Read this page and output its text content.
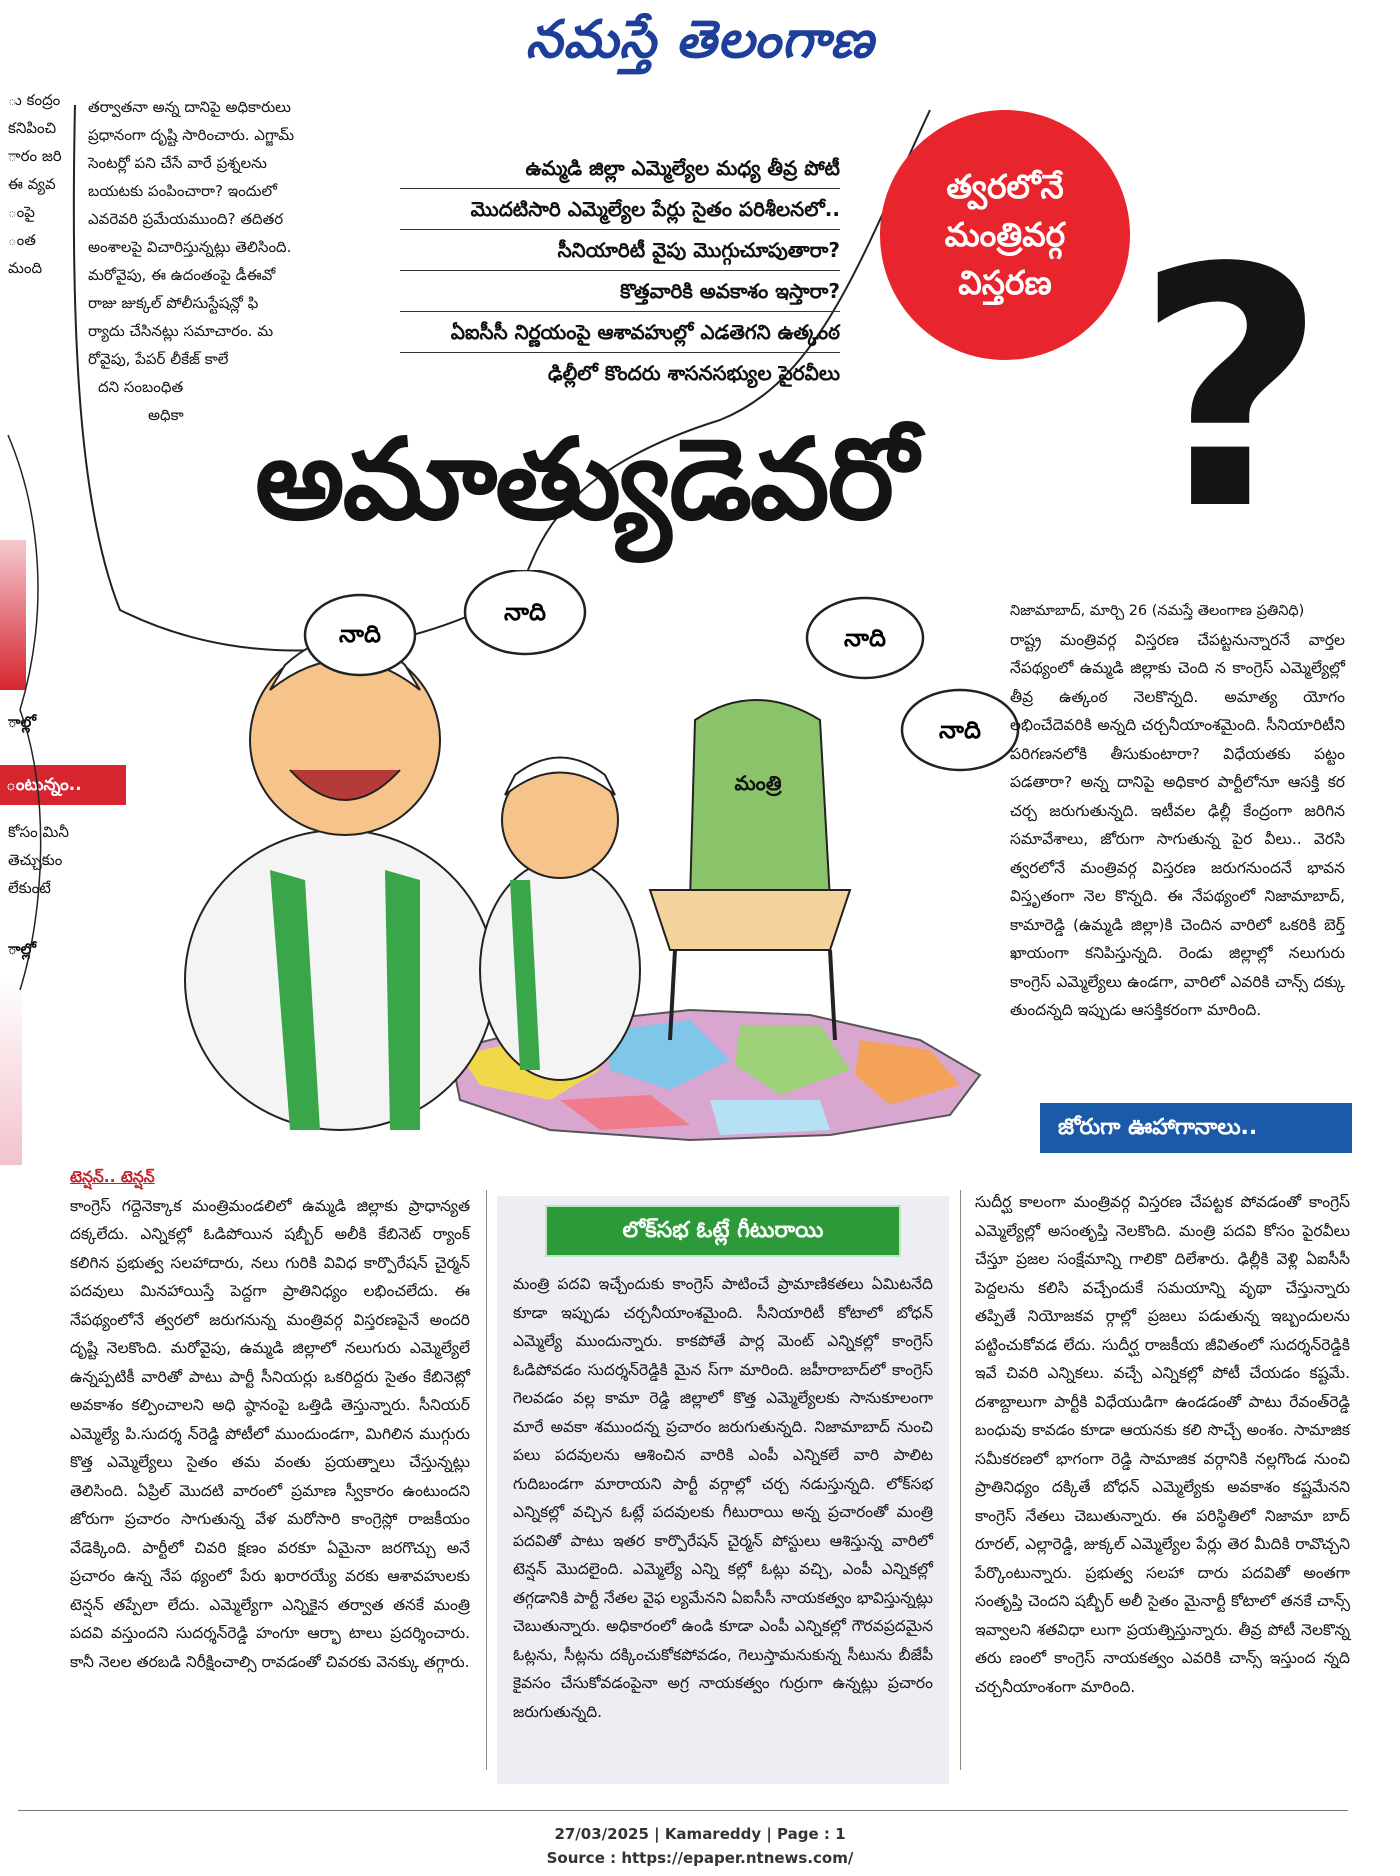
నమస్తే తెలంగాణ
ు కంద్రం
కనిపించి
ారం జరి
ఈ వ్యవ
ంపై
ంత
మంది
ాల్లో
ంటున్నం..
కోసం మినీ
తెచ్చుకుం
లేకుంటే
ాల్లో
తర్వాతనా అన్న దానిపై అధికారులు
ప్రధానంగా దృష్టి సారించారు. ఎగ్జామ్
సెంటర్లో పని చేసే వారే ప్రశ్నలను
బయటకు పంపించారా? ఇందులో
ఎవరెవరి ప్రమేయముంది? తదితర
అంశాలపై విచారిస్తున్నట్లు తెలిసింది.
మరోవైపు, ఈ ఉదంతంపై డీఈవో
రాజు జుక్కల్ పోలీసుస్టేషన్లో ఫి
ర్యాదు చేసినట్లు సమాచారం. మ
రోవైపు, పేపర్ లీకేజ్ కాలే
దని సంబంధిత
అధికా
ఉమ్మడి జిల్లా ఎమ్మెల్యేల మధ్య తీవ్ర పోటీ
మొదటిసారి ఎమ్మెల్యేల పేర్లు సైతం పరిశీలనలో..
సీనియారిటీ వైపు మొగ్గుచూపుతారా?
కొత్తవారికి అవకాశం ఇస్తారా?
ఏఐసీసీ నిర్ణయంపై ఆశావహుల్లో ఎడతెగని ఉత్కంఠ
ఢిల్లీలో కొందరు శాసనసభ్యుల పైరవీలు
త్వరలోనే
మంత్రివర్గ
విస్తరణ ?
అమాత్యుడెవరో
మంత్రి
నాది
నాది
నాది
నాది

నిజామాబాద్, మార్చి 26 (నమస్తే తెలంగాణ ప్రతినిధి)

రాష్ట్ర మంత్రివర్గ విస్తరణ చేపట్టనున్నారనే వార్తల నేపథ్యంలో ఉమ్మడి జిల్లాకు చెంది న కాంగ్రెస్ ఎమ్మెల్యేల్లో తీవ్ర ఉత్కంఠ నెలకొన్నది. అమాత్య యోగం లభించేదెవరికి అన్నది చర్చనీయాంశమైంది. సీనియారిటీని పరిగణనలోకి తీసుకుంటారా? విధేయతకు పట్టం పడతారా? అన్న దానిపై అధికార పార్టీలోనూ ఆసక్తి కర చర్చ జరుగుతున్నది. ఇటీవల ఢిల్లీ కేంద్రంగా జరిగిన సమావేశాలు, జోరుగా సాగుతున్న పైర వీలు.. వెరసి త్వరలోనే మంత్రివర్గ విస్తరణ జరుగనుందనే భావన విస్తృతంగా నెల కొన్నది. ఈ నేపథ్యంలో నిజామాబాద్, కామారెడ్డి (ఉమ్మడి జిల్లా)కి చెందిన వారిలో ఒకరికి బెర్త్ ఖాయంగా కనిపిస్తున్నది. రెండు జిల్లాల్లో నలుగురు కాంగ్రెస్ ఎమ్మెల్యేలు ఉండగా, వారిలో ఎవరికి చాన్స్ దక్కు తుందన్నది ఇప్పుడు ఆసక్తికరంగా మారింది.

జోరుగా ఊహాగానాలు..

టెన్షన్.. టెన్షన్

కాంగ్రెస్ గద్దెనెక్కాక మంత్రిమండలిలో ఉమ్మడి జిల్లాకు ప్రాధాన్యత దక్కలేదు. ఎన్నికల్లో ఓడిపోయిన షబ్బీర్ అలీకి కేబినెట్ ర్యాంక్ కలిగిన ప్రభుత్వ సలహాదారు, నలు గురికి వివిధ కార్పొరేషన్ చైర్మన్ పదవులు మినహాయిస్తే పెద్దగా ప్రాతినిధ్యం లభించలేదు. ఈ నేపథ్యంలోనే త్వరలో జరుగనున్న మంత్రివర్గ విస్తరణపైనే అందరి దృష్టి నెలకొంది. మరోవైపు, ఉమ్మడి జిల్లాలో నలుగురు ఎమ్మెల్యేలే ఉన్నప్పటికీ వారితో పాటు పార్టీ సీనియర్లు ఒకరిద్దరు సైతం కేబినెట్లో అవకాశం కల్పించాలని అధి ష్ఠానంపై ఒత్తిడి తెస్తున్నారు. సీనియర్ ఎమ్మెల్యే పి.సుదర్శ న్‌రెడ్డి పోటీలో ముందుండగా, మిగిలిన ముగ్గురు కొత్త ఎమ్మెల్యేలు సైతం తమ వంతు ప్రయత్నాలు చేస్తున్నట్లు తెలిసింది. ఏప్రిల్ మొదటి వారంలో ప్రమాణ స్వీకారం ఉంటుందని జోరుగా ప్రచారం సాగుతున్న వేళ మరోసారి కాంగ్రెస్లో రాజకీయం వేడెక్కింది. పార్టీలో చివరి క్షణం వరకూ ఏమైనా జరగొచ్చు అనే ప్రచారం ఉన్న నేప థ్యంలో పేరు ఖరారయ్యే వరకు ఆశావహులకు టెన్షన్ తప్పేలా లేదు. ఎమ్మెల్యేగా ఎన్నికైన తర్వాత తనకే మంత్రి పదవి వస్తుందని సుదర్శన్‌రెడ్డి హంగూ ఆర్భా టాలు ప్రదర్శించారు. కానీ నెలల తరబడి నిరీక్షించాల్సి రావడంతో చివరకు వెనక్కు తగ్గారు.

లోక్‌సభ ఓట్లే గీటురాయి

మంత్రి పదవి ఇచ్చేందుకు కాంగ్రెస్ పాటించే ప్రామాణికతలు ఏమిటనేది కూడా ఇప్పుడు చర్చనీయాంశమైంది. సీనియారిటీ కోటాలో బోధన్ ఎమ్మెల్యే ముందున్నారు. కాకపోతే పార్ల మెంట్ ఎన్నికల్లో కాంగ్రెస్ ఓడిపోవడం సుదర్శన్‌రెడ్డికి మైన స్‌గా మారింది. జహీరాబాద్‌లో కాంగ్రెస్ గెలవడం వల్ల కామా రెడ్డి జిల్లాలో కొత్త ఎమ్మెల్యేలకు సానుకూలంగా మారే అవకా శముందన్న ప్రచారం జరుగుతున్నది. నిజామాబాద్ నుంచి పలు పదవులను ఆశించిన వారికి ఎంపీ ఎన్నికలే వారి పాలిట గుదిబండగా మారాయని పార్టీ వర్గాల్లో చర్చ నడుస్తున్నది. లోక్‌సభ ఎన్నికల్లో వచ్చిన ఓట్లే పదవులకు గీటురాయి అన్న ప్రచారంతో మంత్రి పదవితో పాటు ఇతర కార్పొరేషన్ చైర్మన్ పోస్టులు ఆశిస్తున్న వారిలో టెన్షన్ మొదలైంది. ఎమ్మెల్యే ఎన్ని కల్లో ఓట్లు వచ్చి, ఎంపీ ఎన్నికల్లో తగ్గడానికి పార్టీ నేతల వైఫ ల్యమేనని ఏఐసీసీ నాయకత్వం భావిస్తున్నట్లు చెబుతున్నారు. అధికారంలో ఉండి కూడా ఎంపీ ఎన్నికల్లో గౌరవప్రదమైన ఓట్లను, సీట్లను దక్కించుకోకపోవడం, గెలుస్తామనుకున్న సీటును బీజేపీ కైవసం చేసుకోవడంపైనా అగ్ర నాయకత్వం గుర్రుగా ఉన్నట్లు ప్రచారం జరుగుతున్నది.

సుదీర్ఘ కాలంగా మంత్రివర్గ విస్తరణ చేపట్టక పోవడంతో కాంగ్రెస్ ఎమ్మెల్యేల్లో అసంతృప్తి నెలకొంది. మంత్రి పదవి కోసం పైరవీలు చేస్తూ ప్రజల సంక్షేమాన్ని గాలికొ దిలేశారు. ఢిల్లీకి వెళ్లి ఏఐసీసీ పెద్దలను కలిసి వచ్చేందుకే సమయాన్ని వృథా చేస్తున్నారు తప్పితే నియోజకవ ర్గాల్లో ప్రజలు పడుతున్న ఇబ్బందులను పట్టించుకోవడ లేదు. సుదీర్ఘ రాజకీయ జీవితంలో సుదర్శన్‌రెడ్డికి ఇవే చివరి ఎన్నికలు. వచ్చే ఎన్నికల్లో పోటీ చేయడం కష్టమే. దశాబ్దాలుగా పార్టీకి విధేయుడిగా ఉండడంతో పాటు రేవంత్‌రెడ్డి బంధువు కావడం కూడా ఆయనకు కలి సొచ్చే అంశం. సామాజిక సమీకరణలో భాగంగా రెడ్డి సామాజిక వర్గానికి నల్లగొండ నుంచి ప్రాతినిధ్యం దక్కితే బోధన్ ఎమ్మెల్యేకు అవకాశం కష్టమేనని కాంగ్రెస్ నేతలు చెబుతున్నారు. ఈ పరిస్థితిలో నిజామా బాద్ రూరల్, ఎల్లారెడ్డి, జుక్కల్ ఎమ్మెల్యేల పేర్లు తెర మీదికి రావొచ్చని పేర్కొంటున్నారు. ప్రభుత్వ సలహా దారు పదవితో అంతగా సంతృప్తి చెందని షబ్బీర్ అలీ సైతం మైనార్టీ కోటాలో తనకే చాన్స్ ఇవ్వాలని శతవిధా లుగా ప్రయత్నిస్తున్నారు. తీవ్ర పోటీ నెలకొన్న తరు ణంలో కాంగ్రెస్ నాయకత్వం ఎవరికి చాన్స్ ఇస్తుంద న్నది చర్చనీయాంశంగా మారింది.

27/03/2025 | Kamareddy | Page : 1
Source : https://epaper.ntnews.com/
